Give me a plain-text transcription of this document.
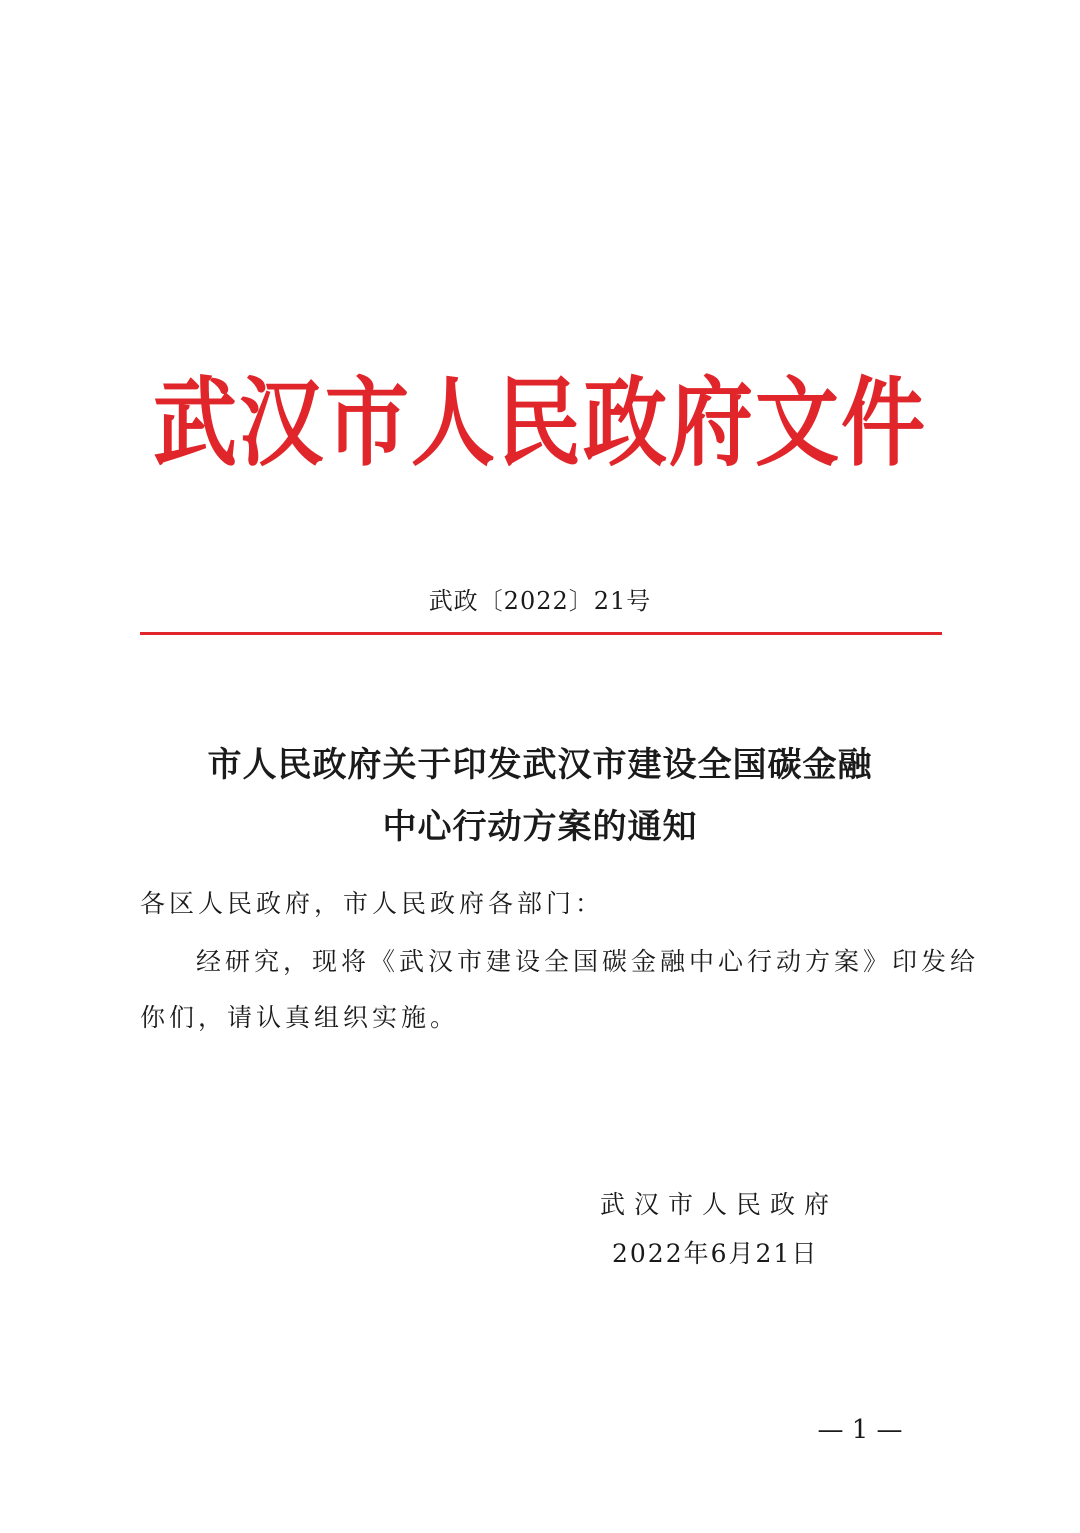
武汉市人民政府文件
武政〔2022〕21号
市人民政府关于印发武汉市建设全国碳金融
中心行动方案的通知
各区人民政府，市人民政府各部门：
经研究，现将《武汉市建设全国碳金融中心行动方案》印发给
你们，请认真组织实施。
武汉市人民政府
2022年6月21日
— 1 —
